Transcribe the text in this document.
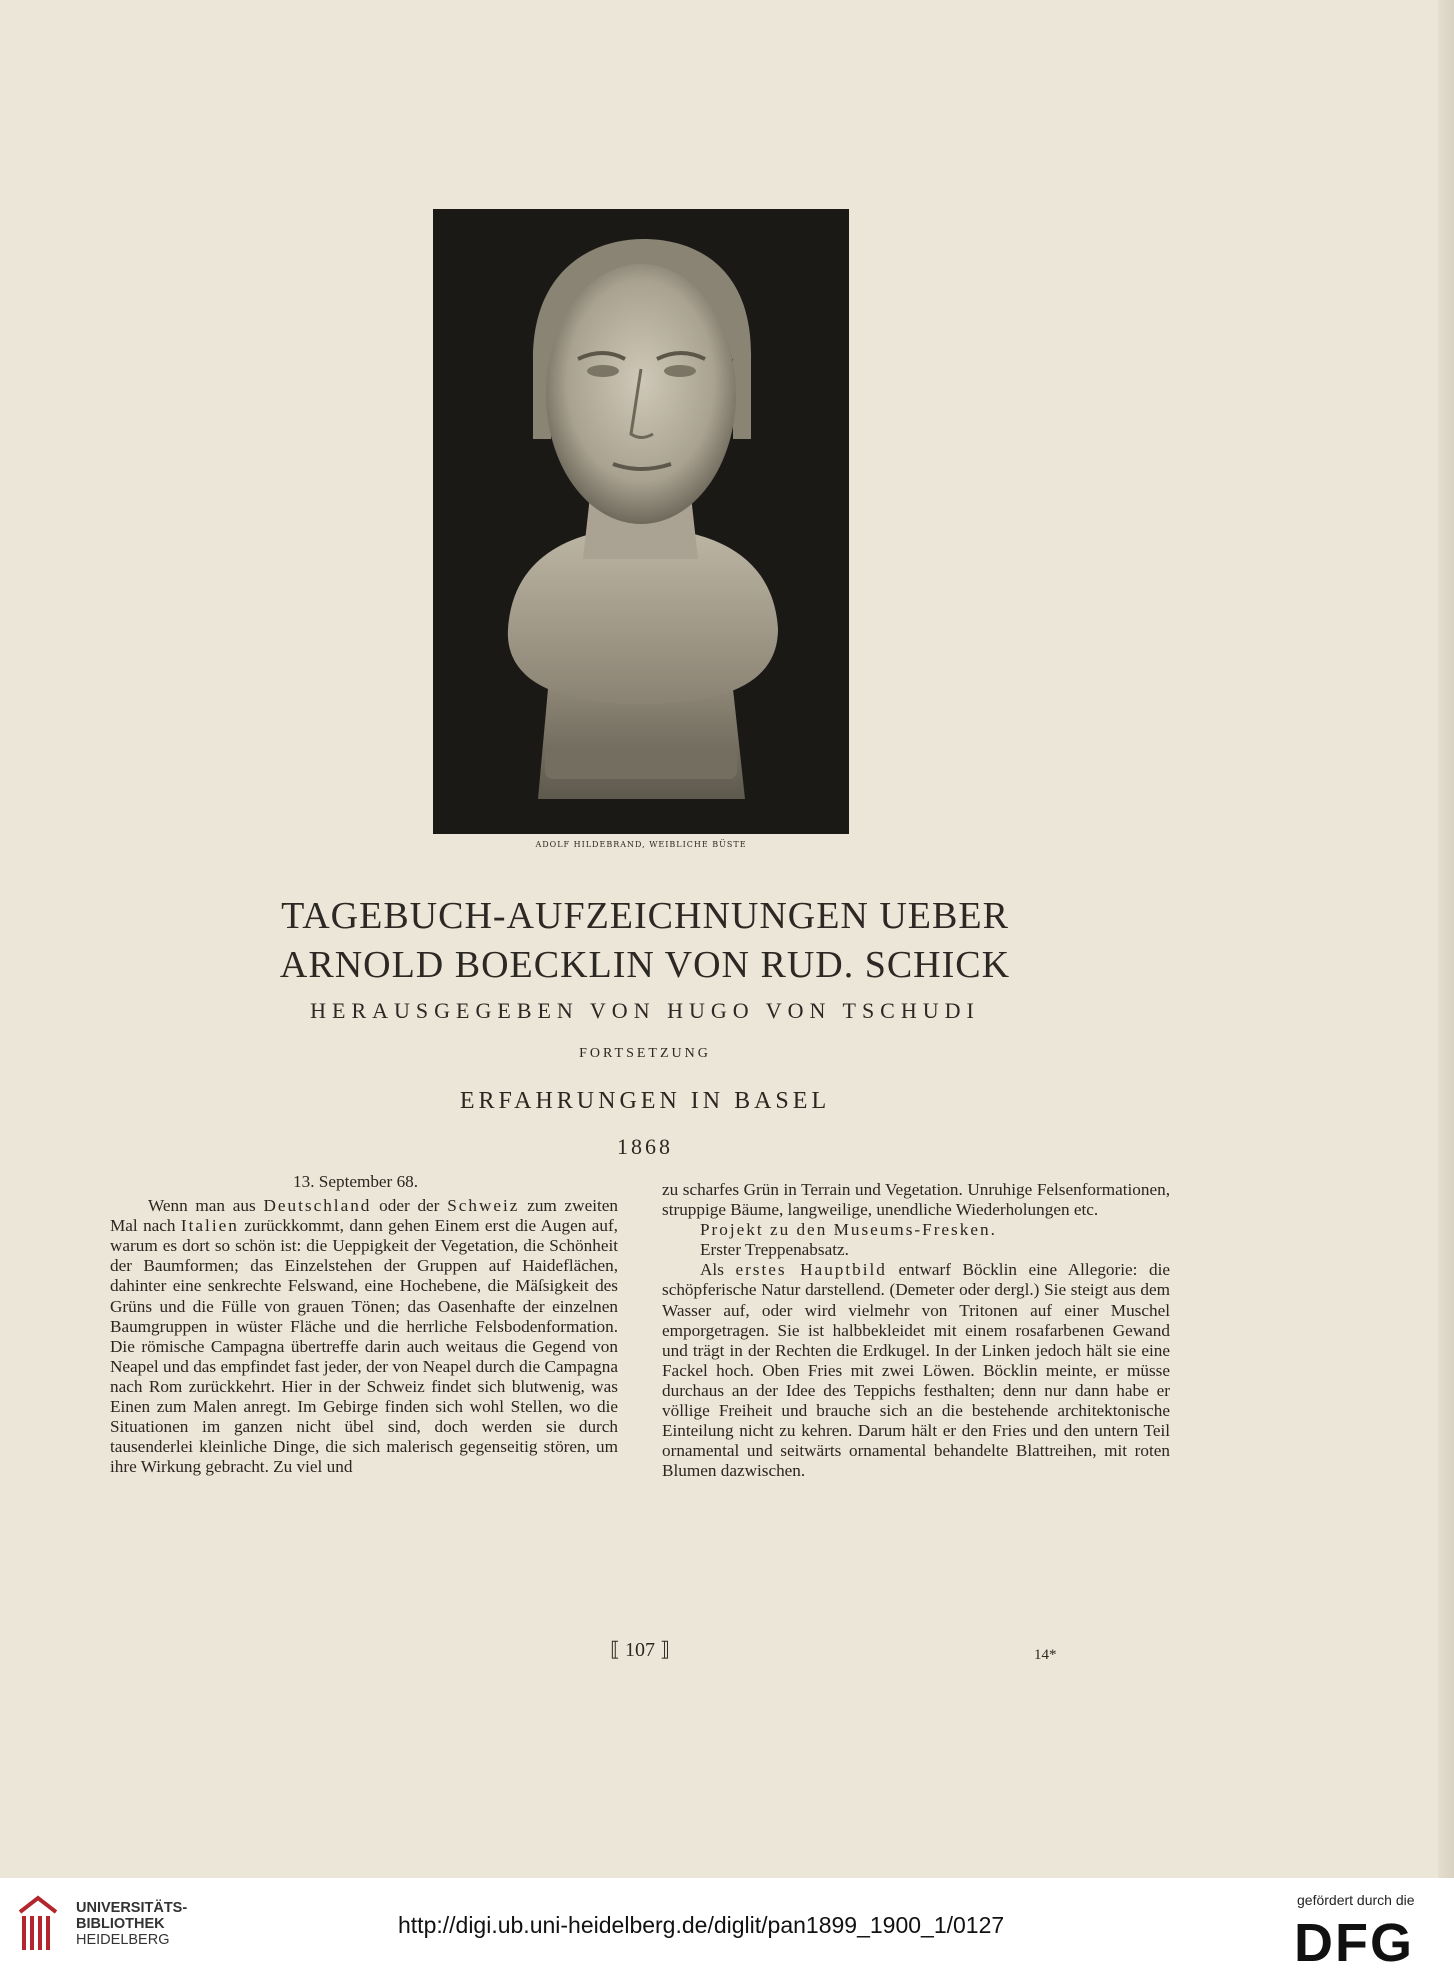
ADOLF HILDEBRAND, WEIBLICHE BÜSTE
TAGEBUCH-AUFZEICHNUNGEN UEBER
ARNOLD BOECKLIN VON RUD. SCHICK
HERAUSGEGEBEN VON HUGO VON TSCHUDI
FORTSETZUNG
ERFAHRUNGEN IN BASEL
1868

13. September 68.

Wenn man aus Deutschland oder der Schweiz zum zweiten Mal nach Italien zurückkommt, dann gehen Einem erst die Augen auf, warum es dort so schön ist: die Ueppigkeit der Vegetation, die Schönheit der Baumformen; das Einzelstehen der Gruppen auf Haideflächen, dahinter eine senkrechte Felswand, eine Hochebene, die Mäſsigkeit des Grüns und die Fülle von grauen Tönen; das Oasenhafte der einzelnen Baumgruppen in wüster Fläche und die herrliche Felsbodenformation. Die römische Campagna übertreffe darin auch weitaus die Gegend von Neapel und das empfindet fast jeder, der von Neapel durch die Campagna nach Rom zurückkehrt. Hier in der Schweiz findet sich blutwenig, was Einen zum Malen anregt. Im Gebirge finden sich wohl Stellen, wo die Situationen im ganzen nicht übel sind, doch werden sie durch tausenderlei kleinliche Dinge, die sich malerisch gegenseitig stören, um ihre Wirkung gebracht. Zu viel und

zu scharfes Grün in Terrain und Vegetation. Unruhige Felsenformationen, struppige Bäume, langweilige, unendliche Wiederholungen etc.

Projekt zu den Museums-Fresken.

Erster Treppenabsatz.

Als erstes Hauptbild entwarf Böcklin eine Allegorie: die schöpferische Natur darstellend. (Demeter oder dergl.) Sie steigt aus dem Wasser auf, oder wird vielmehr von Tritonen auf einer Muschel emporgetragen. Sie ist halbbekleidet mit einem rosafarbenen Gewand und trägt in der Rechten die Erdkugel. In der Linken jedoch hält sie eine Fackel hoch. Oben Fries mit zwei Löwen. Böcklin meinte, er müsse durchaus an der Idee des Teppichs festhalten; denn nur dann habe er völlige Freiheit und brauche sich an die bestehende architektonische Einteilung nicht zu kehren. Darum hält er den Fries und den untern Teil ornamental und seitwärts ornamental behandelte Blattreihen, mit roten Blumen dazwischen.

⟦ 107 ⟧	14*
UNIVERSITÄTS-
BIBLIOTHEK
HEIDELBERG
http://digi.ub.uni-heidelberg.de/diglit/pan1899_1900_1/0127
gefördert durch die
DFG
